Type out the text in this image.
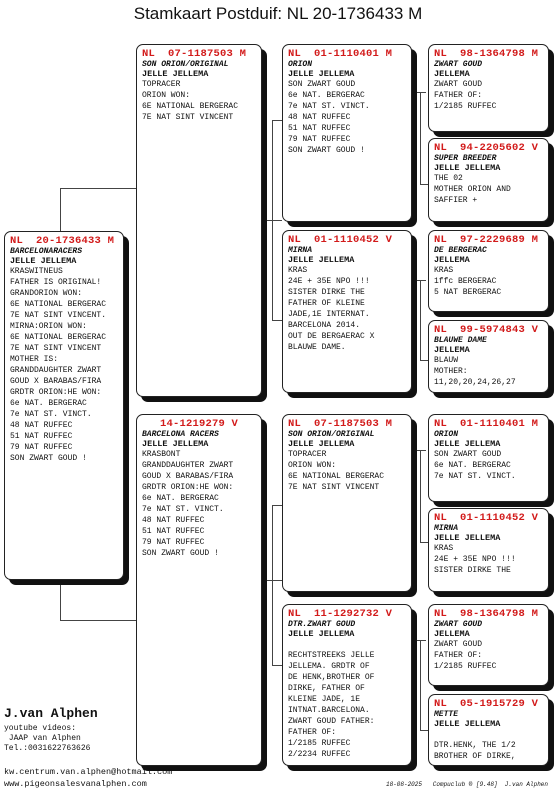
Stamkaart Postduif: NL 20-1736433 M
NL 20-1736433 M
BARCELONARACERS
JELLE JELLEMA
KRASWITNEUS
FATHER IS ORIGINAL!
GRANDORION WON:
6E NATIONAL BERGERAC
7E NAT SINT VINCENT.
MIRNA:ORION WON:
6E NATIONAL BERGERAC
7E NAT SINT VINCENT
MOTHER IS:
GRANDDAUGHTER ZWART
GOUD X BARABAS/FIRA
GRDTR ORION:HE WON:
6e NAT. BERGERAC
7e NAT ST. VINCT.
48 NAT RUFFEC
51 NAT RUFFEC
79 NAT RUFFEC
SON ZWART GOUD !
NL 07-1187503 M
SON ORION/ORIGINAL
JELLE JELLEMA
TOPRACER
ORION WON:
6E NATIONAL BERGERAC
7E NAT SINT VINCENT
14-1219279 V
BARCELONA RACERS
JELLE JELLEMA
KRASBONT
GRANDDAUGHTER ZWART
GOUD X BARABAS/FIRA
GRDTR ORION:HE WON:
6e NAT. BERGERAC
7e NAT ST. VINCT.
48 NAT RUFFEC
51 NAT RUFFEC
79 NAT RUFFEC
SON ZWART GOUD !
NL 01-1110401 M
ORION
JELLE JELLEMA
SON ZWART GOUD
6e NAT. BERGERAC
7e NAT ST. VINCT.
48 NAT RUFFEC
51 NAT RUFFEC
79 NAT RUFFEC
SON ZWART GOUD !
NL 01-1110452 V
MIRNA
JELLE JELLEMA
KRAS
24E + 35E NPO !!!
SISTER DIRKE THE
FATHER OF KLEINE
JADE,1E INTERNAT.
BARCELONA 2014.
OUT DE BERGAERAC X
BLAUWE DAME.
NL 07-1187503 M
SON ORION/ORIGINAL
JELLE JELLEMA
TOPRACER
ORION WON:
6E NATIONAL BERGERAC
7E NAT SINT VINCENT
NL 11-1292732 V
DTR.ZWART GOUD
JELLE JELLEMA

RECHTSTREEKS JELLE
JELLEMA. GRDTR OF
DE HENK,BROTHER OF
DIRKE, FATHER OF
KLEINE JADE, 1E
INTNAT.BARCELONA.
ZWART GOUD FATHER:
FATHER OF:
1/2185 RUFFEC
2/2234 RUFFEC
NL 98-1364798 M
ZWART GOUD
JELLEMA
ZWART GOUD
FATHER OF:
1/2185 RUFFEC
NL 94-2205602 V
SUPER BREEDER
JELLE JELLEMA
THE 02
MOTHER ORION AND
SAFFIER +
NL 97-2229689 M
DE BERGERAC
JELLEMA
KRAS
1ffc BERGERAC
5 NAT BERGERAC
NL 99-5974843 V
BLAUWE DAME
JELLEMA
BLAUW
MOTHER:
11,20,20,24,26,27
NL 01-1110401 M
ORION
JELLE JELLEMA
SON ZWART GOUD
6e NAT. BERGERAC
7e NAT ST. VINCT.
NL 01-1110452 V
MIRNA
JELLE JELLEMA
KRAS
24E + 35E NPO !!!
SISTER DIRKE THE
NL 98-1364798 M
ZWART GOUD
JELLEMA
ZWART GOUD
FATHER OF:
1/2185 RUFFEC
NL 05-1915729 V
METTE
JELLE JELLEMA

DTR.HENK, THE 1/2
BROTHER OF DIRKE,
J.van Alphen
youtube videos:
JAAP van Alphen
Tel.:0031622763626
kw.centrum.van.alphen@hotmail.com
www.pigeonsalesvanalphen.com	18-08-2025   Compuclub ® [9.48]  J.van Alphen
